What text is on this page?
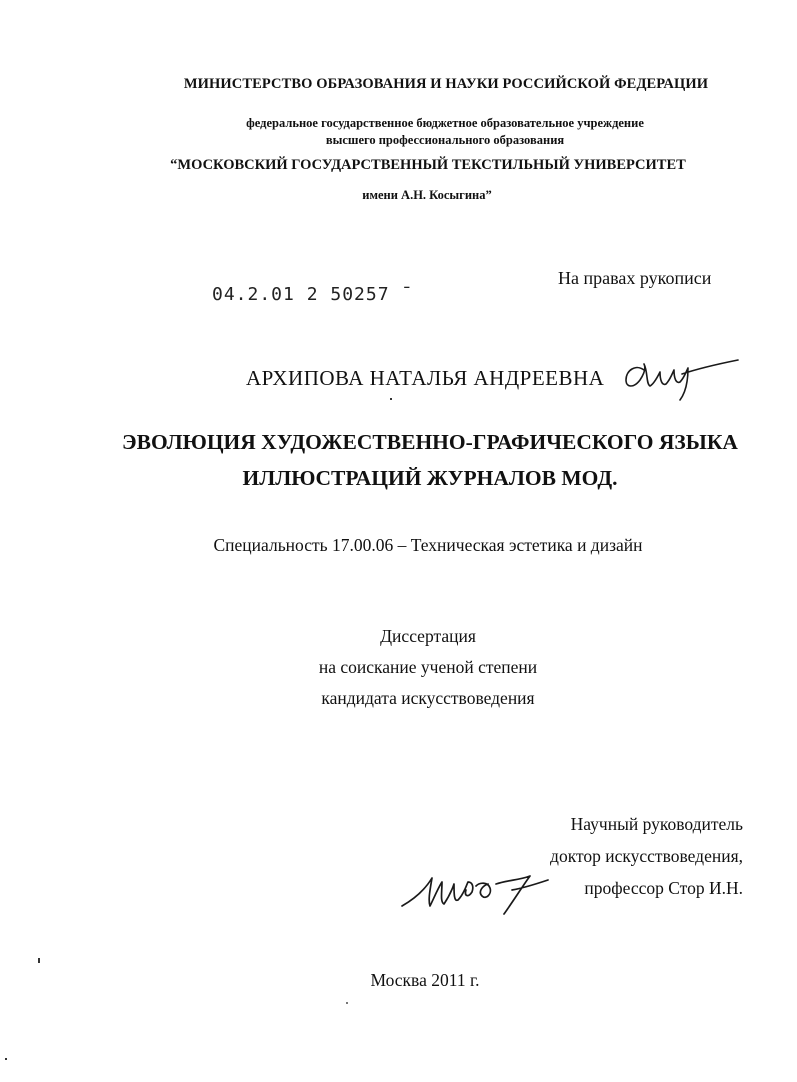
МИНИСТЕРСТВО ОБРАЗОВАНИЯ И НАУКИ РОССИЙСКОЙ ФЕДЕРАЦИИ
федеральное государственное бюджетное образовательное учреждение
высшего профессионального образования
“МОСКОВСКИЙ ГОСУДАРСТВЕННЫЙ ТЕКСТИЛЬНЫЙ УНИВЕРСИТЕТ
имени А.Н. Косыгина”
На правах рукописи
04.2.01 2 50257 ˉ
АРХИПОВА НАТАЛЬЯ АНДРЕЕВНА
ЭВОЛЮЦИЯ ХУДОЖЕСТВЕННО-ГРАФИЧЕСКОГО ЯЗЫКА
ИЛЛЮСТРАЦИЙ ЖУРНАЛОВ МОД.
Специальность 17.00.06 – Техническая эстетика и дизайн
Диссертация
на соискание ученой степени
кандидата искусствоведения
Научный руководитель
доктор искусствоведения,
профессор Стор И.Н.
Москва 2011 г.
